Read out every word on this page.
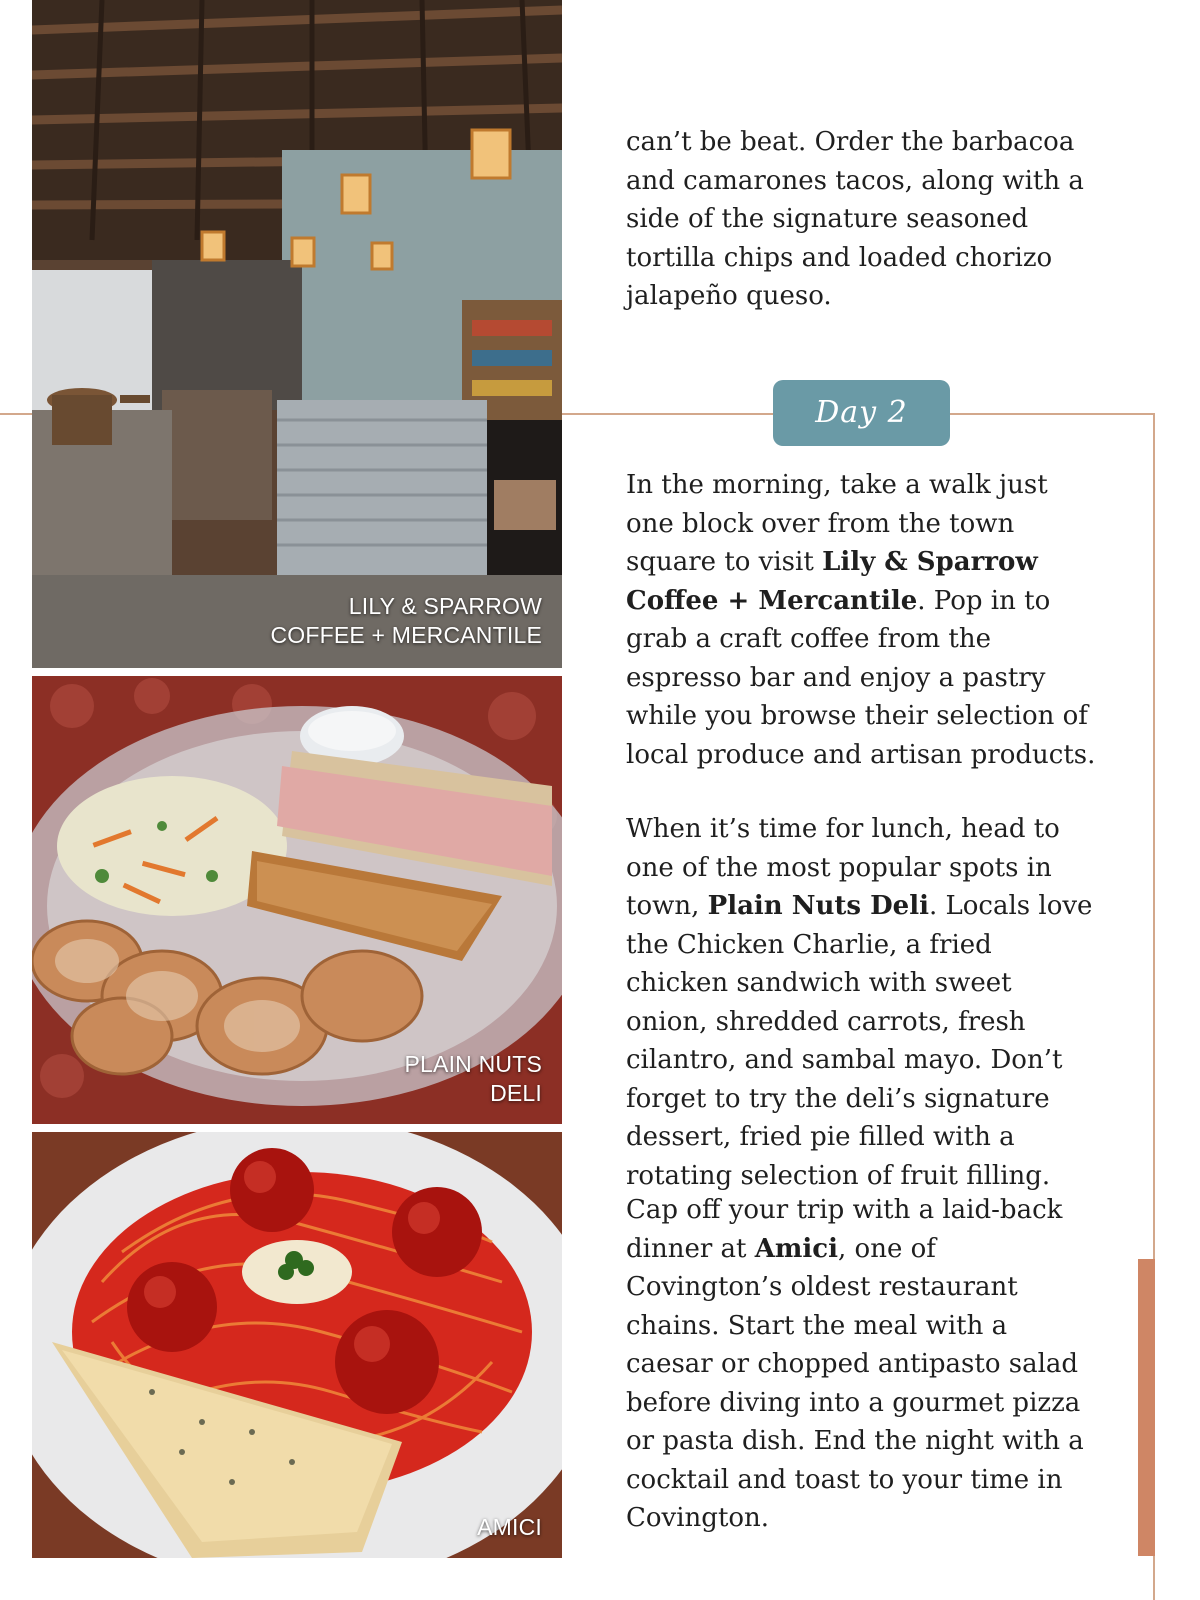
LILY & SPARROW
COFFEE + MERCANTILE
PLAIN NUTS
DELI
AMICI

can’t be beat. Order the barbacoa and camarones tacos, along with a side of the signature seasoned tortilla chips and loaded chorizo jalapeño queso.

Day 2

In the morning, take a walk just one block over from the town square to visit Lily & Sparrow Coffee + Mercantile. Pop in to grab a craft coffee from the espresso bar and enjoy a pastry while you browse their selection of local produce and artisan products.

When it’s time for lunch, head to one of the most popular spots in town, Plain Nuts Deli. Locals love the Chicken Charlie, a fried chicken sandwich with sweet onion, shredded carrots, fresh cilantro, and sambal mayo. Don’t forget to try the deli’s signature dessert, fried pie filled with a rotating selection of fruit filling.

Cap off your trip with a laid-back dinner at Amici, one of Covington’s oldest restaurant chains. Start the meal with a caesar or chopped antipasto salad before diving into a gourmet pizza or pasta dish. End the night with a cocktail and toast to your time in Covington.
